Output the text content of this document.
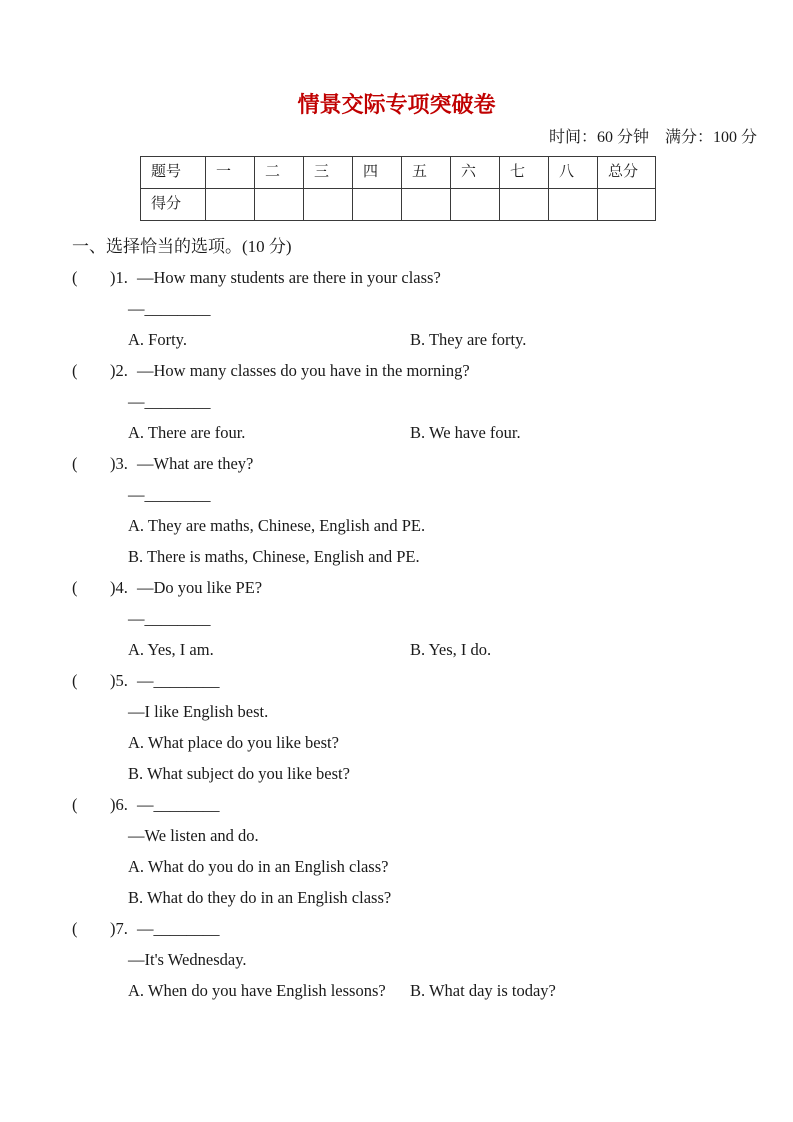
情景交际专项突破卷
时间：60 分钟　满分：100 分
题号	一	二	三	四	五	六	七	八	总分
得分									
一、选择恰当的选项。(10 分)

( )1. —How many students are there in your class?

—________

A. Forty.	B. They are forty.

( )2. —How many classes do you have in the morning?

—________

A. There are four.	B. We have four.

( )3. —What are they?

—________

A. They are maths, Chinese, English and PE.

B. There is maths, Chinese, English and PE.

( )4. —Do you like PE?

—________

A. Yes, I am.	B. Yes, I do.

( )5. —________

—I like English best.

A. What place do you like best?

B. What subject do you like best?

( )6. —________

—We listen and do.

A. What do you do in an English class?

B. What do they do in an English class?

( )7. —________

—It's Wednesday.

A. When do you have English lessons? B. What day is today?
